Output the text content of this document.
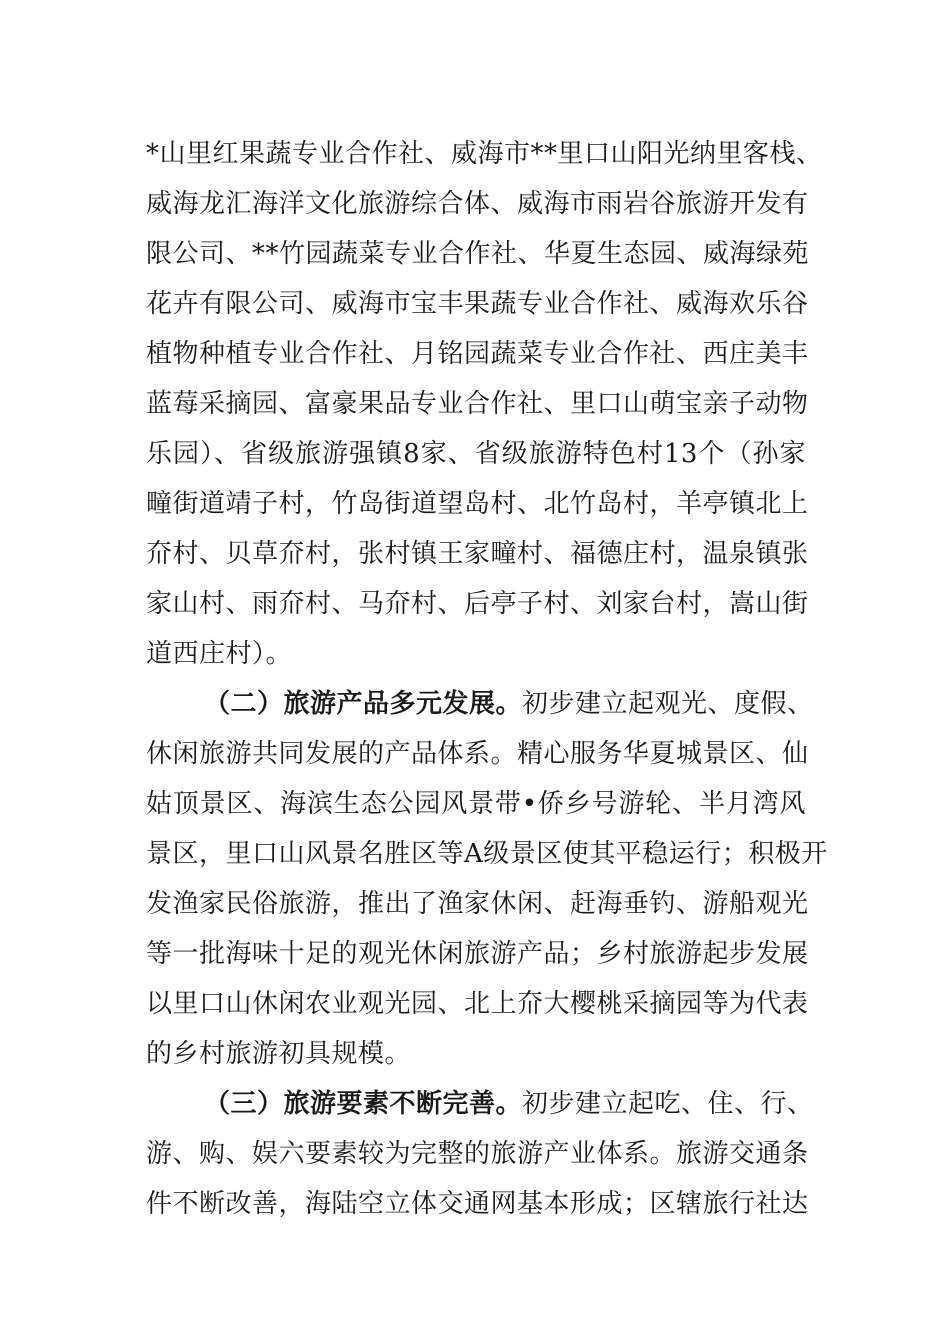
*山里红果蔬专业合作社、威海市**里口山阳光纳里客栈、
威海龙汇海洋文化旅游综合体、威海市雨岩谷旅游开发有
限公司、**竹园蔬菜专业合作社、华夏生态园、威海绿苑
花卉有限公司、威海市宝丰果蔬专业合作社、威海欢乐谷
植物种植专业合作社、月铭园蔬菜专业合作社、西庄美丰
蓝莓采摘园、富豪果品专业合作社、里口山萌宝亲子动物
乐园）、省级旅游强镇8家、省级旅游特色村13个（孙家
疃街道靖子村，竹岛街道望岛村、北竹岛村，羊亭镇北上
夼村、贝草夼村，张村镇王家疃村、福德庄村，温泉镇张
家山村、雨夼村、马夼村、后亭子村、刘家台村，嵩山街
道西庄村）。
（二）旅游产品多元发展。初步建立起观光、度假、
休闲旅游共同发展的产品体系。精心服务华夏城景区、仙
姑顶景区、海滨生态公园风景带•侨乡号游轮、半月湾风
景区，里口山风景名胜区等A级景区使其平稳运行；积极开
发渔家民俗旅游，推出了渔家休闲、赶海垂钓、游船观光
等一批海味十足的观光休闲旅游产品；乡村旅游起步发展
以里口山休闲农业观光园、北上夼大樱桃采摘园等为代表
的乡村旅游初具规模。
（三）旅游要素不断完善。初步建立起吃、住、行、
游、购、娱六要素较为完整的旅游产业体系。旅游交通条
件不断改善，海陆空立体交通网基本形成；区辖旅行社达
